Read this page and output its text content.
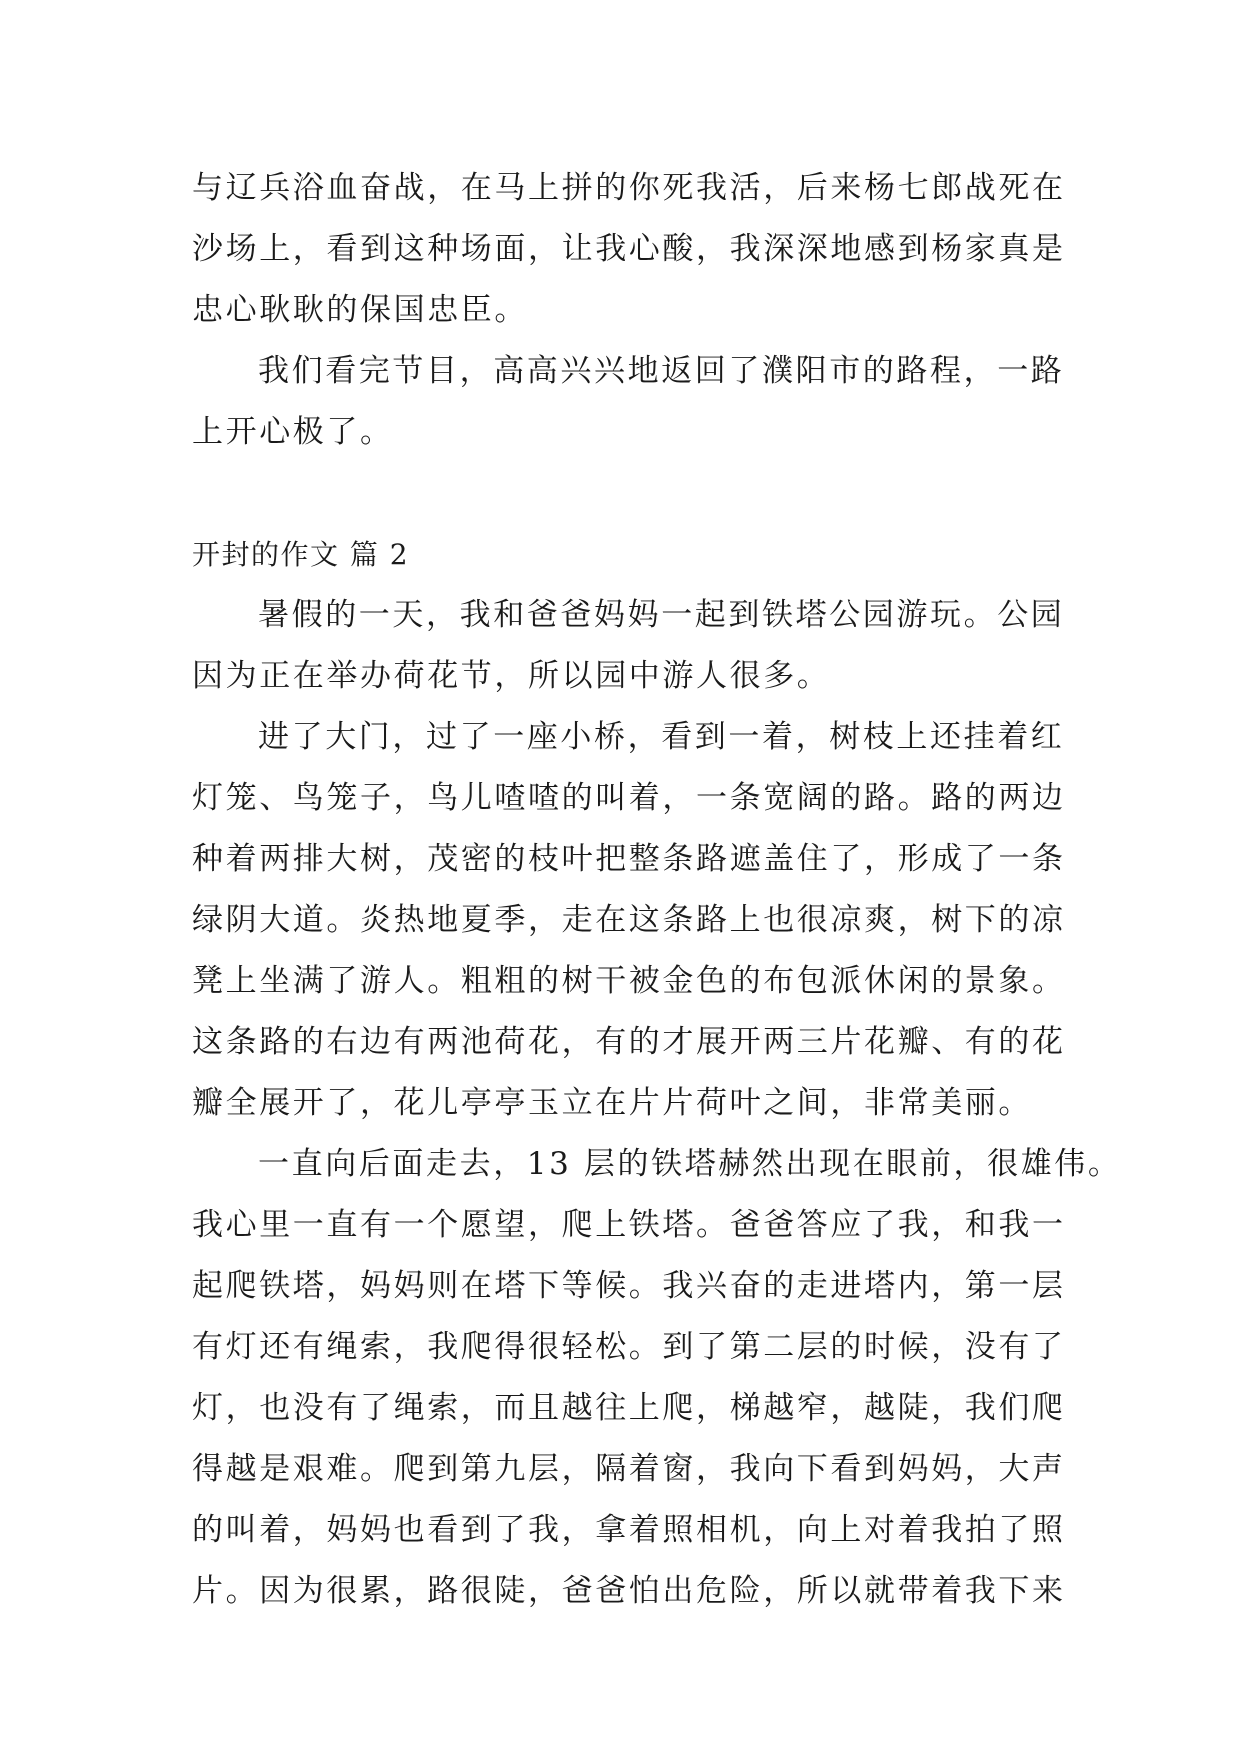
与辽兵浴血奋战，在马上拼的你死我活，后来杨七郎战死在
沙场上，看到这种场面，让我心酸，我深深地感到杨家真是
忠心耿耿的保国忠臣。
我们看完节目，高高兴兴地返回了濮阳市的路程，一路
上开心极了。
开封的作文 篇 2
暑假的一天，我和爸爸妈妈一起到铁塔公园游玩。公园
因为正在举办荷花节，所以园中游人很多。
进了大门，过了一座小桥，看到一着，树枝上还挂着红
灯笼、鸟笼子，鸟儿喳喳的叫着，一条宽阔的路。路的两边
种着两排大树，茂密的枝叶把整条路遮盖住了，形成了一条
绿阴大道。炎热地夏季，走在这条路上也很凉爽，树下的凉
凳上坐满了游人。粗粗的树干被金色的布包派休闲的景象。
这条路的右边有两池荷花，有的才展开两三片花瓣、有的花
瓣全展开了，花儿亭亭玉立在片片荷叶之间，非常美丽。
一直向后面走去，13 层的铁塔赫然出现在眼前，很雄伟。
我心里一直有一个愿望，爬上铁塔。爸爸答应了我，和我一
起爬铁塔，妈妈则在塔下等候。我兴奋的走进塔内，第一层
有灯还有绳索，我爬得很轻松。到了第二层的时候，没有了
灯，也没有了绳索，而且越往上爬，梯越窄，越陡，我们爬
得越是艰难。爬到第九层，隔着窗，我向下看到妈妈，大声
的叫着，妈妈也看到了我，拿着照相机，向上对着我拍了照
片。因为很累，路很陡，爸爸怕出危险，所以就带着我下来
